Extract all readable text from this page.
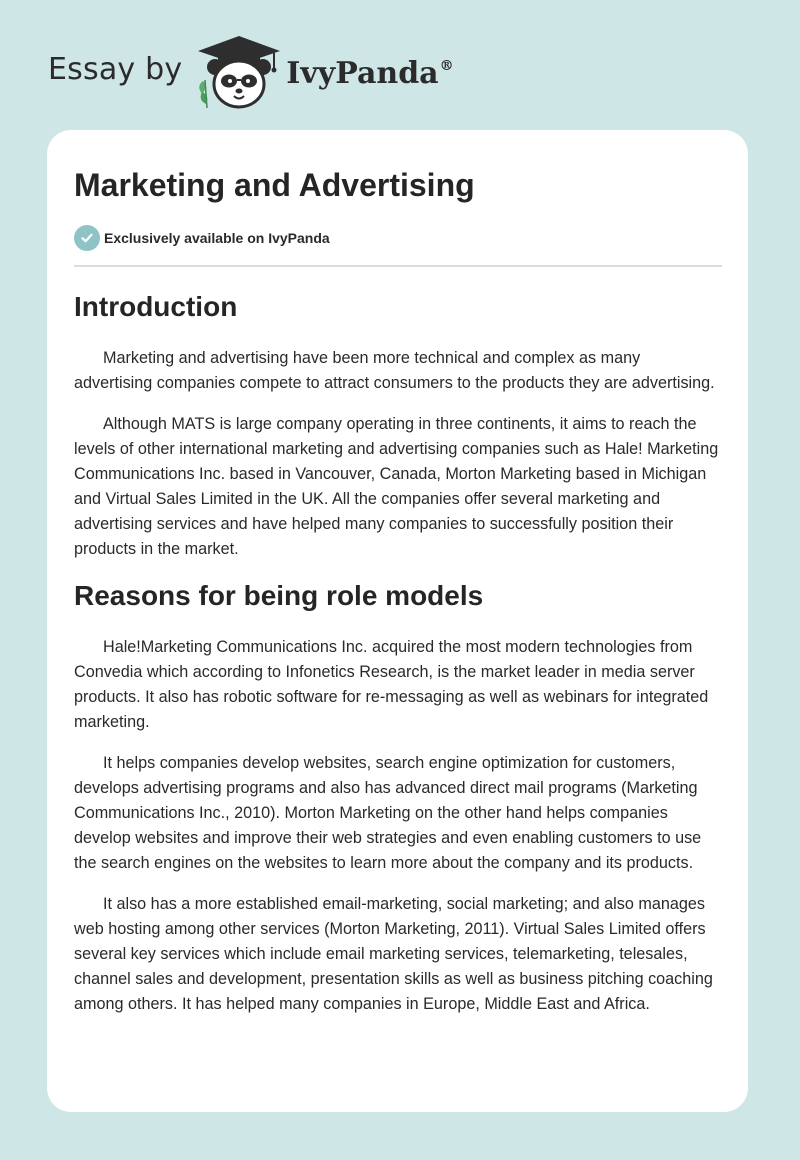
Essay by	IvyPanda®
Marketing and Advertising
Exclusively available on IvyPanda
Introduction

Marketing and advertising have been more technical and complex as many advertising companies compete to attract consumers to the products they are advertising.

Although MATS is large company operating in three continents, it aims to reach the levels of other international marketing and advertising companies such as Hale! Marketing Communications Inc. based in Vancouver, Canada, Morton Marketing based in Michigan and Virtual Sales Limited in the UK. All the companies offer several marketing and advertising services and have helped many companies to successfully position their products in the market.

Reasons for being role models

Hale!Marketing Communications Inc. acquired the most modern technologies from Convedia which according to Infonetics Research, is the market leader in media server products. It also has robotic software for re-messaging as well as webinars for integrated marketing.

It helps companies develop websites, search engine optimization for customers, develops advertising programs and also has advanced direct mail programs (Marketing Communications Inc., 2010). Morton Marketing on the other hand helps companies develop websites and improve their web strategies and even enabling customers to use the search engines on the websites to learn more about the company and its products.

It also has a more established email-marketing, social marketing; and also manages web hosting among other services (Morton Marketing, 2011). Virtual Sales Limited offers several key services which include email marketing services, telemarketing, telesales, channel sales and development, presentation skills as well as business pitching coaching among others. It has helped many companies in Europe, Middle East and Africa.
